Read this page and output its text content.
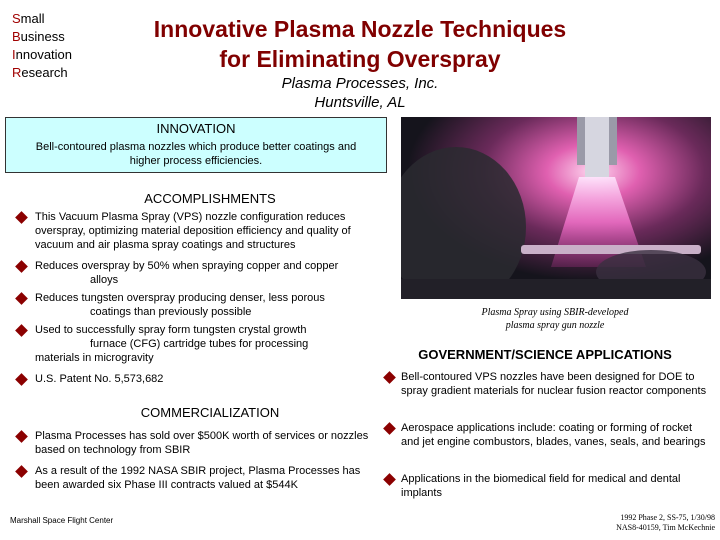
Small
Business
Innovation
Research
Innovative Plasma Nozzle Techniques
for Eliminating Overspray
Plasma Processes, Inc.
Huntsville, AL
INNOVATION
Bell-contoured plasma nozzles which produce better coatings and higher process efficiencies.
Plasma Spray using SBIR-developed
plasma spray gun nozzle
ACCOMPLISHMENTS
This Vacuum Plasma Spray (VPS) nozzle configuration reduces overspray, optimizing material deposition efficiency and quality of vacuum and air plasma spray coatings and structures
Reduces overspray by 50% when spraying copper and copper
alloys
Reduces tungsten overspray producing denser, less porous
coatings than previously possible
Used to successfully spray form tungsten crystal growth
furnace (CFG) cartridge tubes for processing
materials in microgravity
U.S. Patent No. 5,573,682
COMMERCIALIZATION
Plasma Processes has sold over $500K worth of services or nozzles based on technology from SBIR
As a result of the 1992 NASA SBIR project, Plasma Processes has been awarded six Phase III contracts valued at $544K
GOVERNMENT/SCIENCE APPLICATIONS
Bell-contoured VPS nozzles have been designed for DOE to spray gradient materials for nuclear fusion reactor components
Aerospace applications include: coating or forming of rocket and jet engine combustors, blades, vanes, seals, and bearings
Applications in the biomedical field for medical and dental implants
Marshall Space Flight Center	1992 Phase 2, SS-75, 1/30/98
NAS8-40159, Tim McKechnie
